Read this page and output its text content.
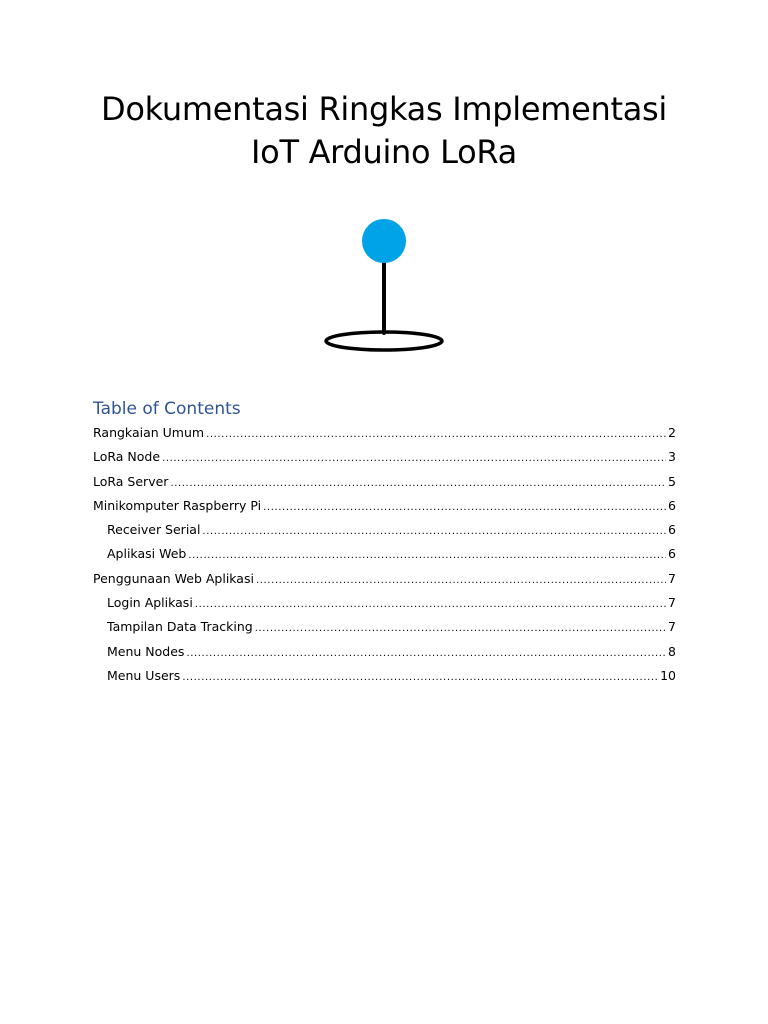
Dokumentasi Ringkas Implementasi
IoT Arduino LoRa
Table of Contents
Rangkaian Umum .....	2
LoRa Node .....	3
LoRa Server .....	5
Minikomputer Raspberry Pi .....	6
Receiver Serial .....	6
Aplikasi Web .....	6
Penggunaan Web Aplikasi .....	7
Login Aplikasi .....	7
Tampilan Data Tracking .....	7
Menu Nodes .....	8
Menu Users .....	10
